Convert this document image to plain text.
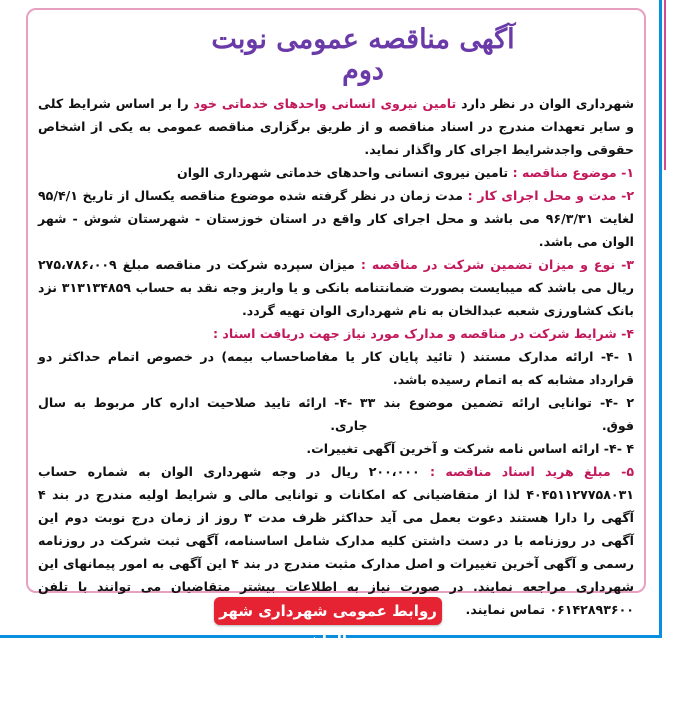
آگهی مناقصه عمومی نوبت دوم

شهرداری الوان در نظر دارد تامین نیروی انسانی واحدهای خدماتی خود را بر اساس شرایط کلی و سایر تعهدات مندرج در اسناد مناقصه و از طریق برگزاری مناقصه عمومی به یکی از اشخاص حقوقی واجدشرایط اجرای کار واگذار نماید.

۱- موضوع مناقصه : تامین نیروی انسانی واحدهای خدماتی شهرداری الوان

۲- مدت و محل اجرای کار : مدت زمان در نظر گرفته شده موضوع مناقصه یکسال از تاریخ ۹۵/۴/۱ لغایت ۹۶/۳/۳۱ می باشد و محل اجرای کار واقع در استان خوزستان - شهرستان شوش - شهر الوان می باشد.

۳- نوع و میزان تضمین شرکت در مناقصه : میزان سپرده شرکت در مناقصه مبلغ ۲۷۵،۷۸۶،۰۰۹ ریال می باشد که میبایست بصورت ضمانتنامه بانکی و یا واریز وجه نقد به حساب ۳۱۳۱۳۴۸۵۹ نزد بانک کشاورزی شعبه عبدالخان به نام شهرداری الوان تهیه گردد.

۴- شرایط شرکت در مناقصه و مدارک مورد نیاز جهت دریافت اسناد :

۱ -۴- ارائه مدارک مستند ( تائید پایان کار یا مفاصاحساب بیمه) در خصوص اتمام حداکثر دو قرارداد مشابه که به اتمام رسیده باشد.

۲ -۴- توانایی ارائه تضمین موضوع بند ۳ فوق.
۳ -۴- ارائه تایید صلاحیت اداره کار مربوط به سال جاری.

۴ -۴- ارائه اساس نامه شرکت و آخرین آگهی تغییرات.

۵- مبلغ هرید اسناد مناقصه : ۲۰۰،۰۰۰ ریال در وجه شهرداری الوان به شماره حساب ۴۰۴۵۱۱۲۷۷۵۸۰۳۱ لذا از متقاضیانی که امکانات و توانایی مالی و شرایط اولیه مندرج در بند ۴ آگهی را دارا هستند دعوت بعمل می آید حداکثر ظرف مدت ۳ روز از زمان درج نوبت دوم این آگهی در روزنامه با در دست داشتن کلیه مدارک شامل اساسنامه، آگهی ثبت شرکت در روزنامه رسمی و آگهی آخرین تغییرات و اصل مدارک مثبت مندرج در بند ۴ این آگهی به امور پیمانهای این شهرداری مراجعه نمایند. در صورت نیاز به اطلاعات بیشتر متقاضیان می توانند با تلفن ۰۶۱۴۲۸۹۳۶۰۰ تماس نمایند.

روابط عمومی شهرداری شهر الوان
